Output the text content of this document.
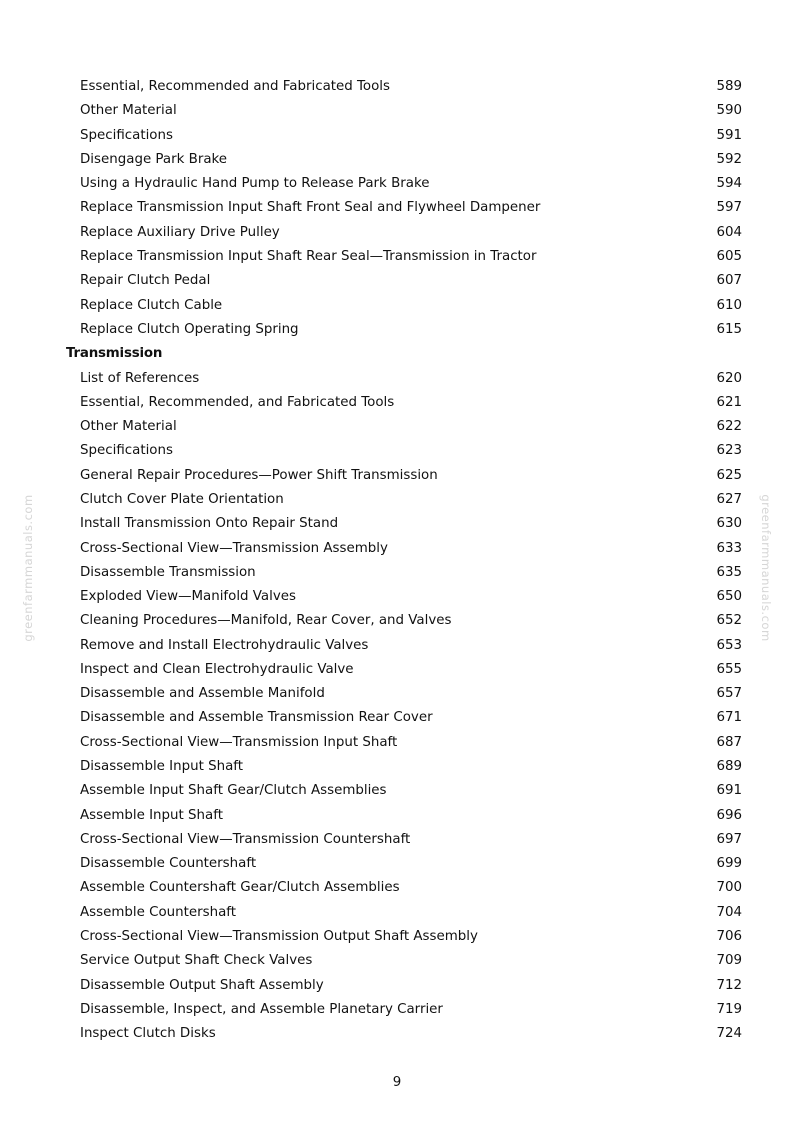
Essential, Recommended and Fabricated Tools	589
Other Material	590
Specifications	591
Disengage Park Brake	592
Using a Hydraulic Hand Pump to Release Park Brake	594
Replace Transmission Input Shaft Front Seal and Flywheel Dampener	597
Replace Auxiliary Drive Pulley	604
Replace Transmission Input Shaft Rear Seal—Transmission in Tractor	605
Repair Clutch Pedal	607
Replace Clutch Cable	610
Replace Clutch Operating Spring	615
Transmission
List of References	620
Essential, Recommended, and Fabricated Tools	621
Other Material	622
Specifications	623
General Repair Procedures—Power Shift Transmission	625
Clutch Cover Plate Orientation	627
Install Transmission Onto Repair Stand	630
Cross-Sectional View—Transmission Assembly	633
Disassemble Transmission	635
Exploded View—Manifold Valves	650
Cleaning Procedures—Manifold, Rear Cover, and Valves	652
Remove and Install Electrohydraulic Valves	653
Inspect and Clean Electrohydraulic Valve	655
Disassemble and Assemble Manifold	657
Disassemble and Assemble Transmission Rear Cover	671
Cross-Sectional View—Transmission Input Shaft	687
Disassemble Input Shaft	689
Assemble Input Shaft Gear/Clutch Assemblies	691
Assemble Input Shaft	696
Cross-Sectional View—Transmission Countershaft	697
Disassemble Countershaft	699
Assemble Countershaft Gear/Clutch Assemblies	700
Assemble Countershaft	704
Cross-Sectional View—Transmission Output Shaft Assembly	706
Service Output Shaft Check Valves	709
Disassemble Output Shaft Assembly	712
Disassemble, Inspect, and Assemble Planetary Carrier	719
Inspect Clutch Disks	724
greenfarmmanuals.com	greenfarmmanuals.com
9
